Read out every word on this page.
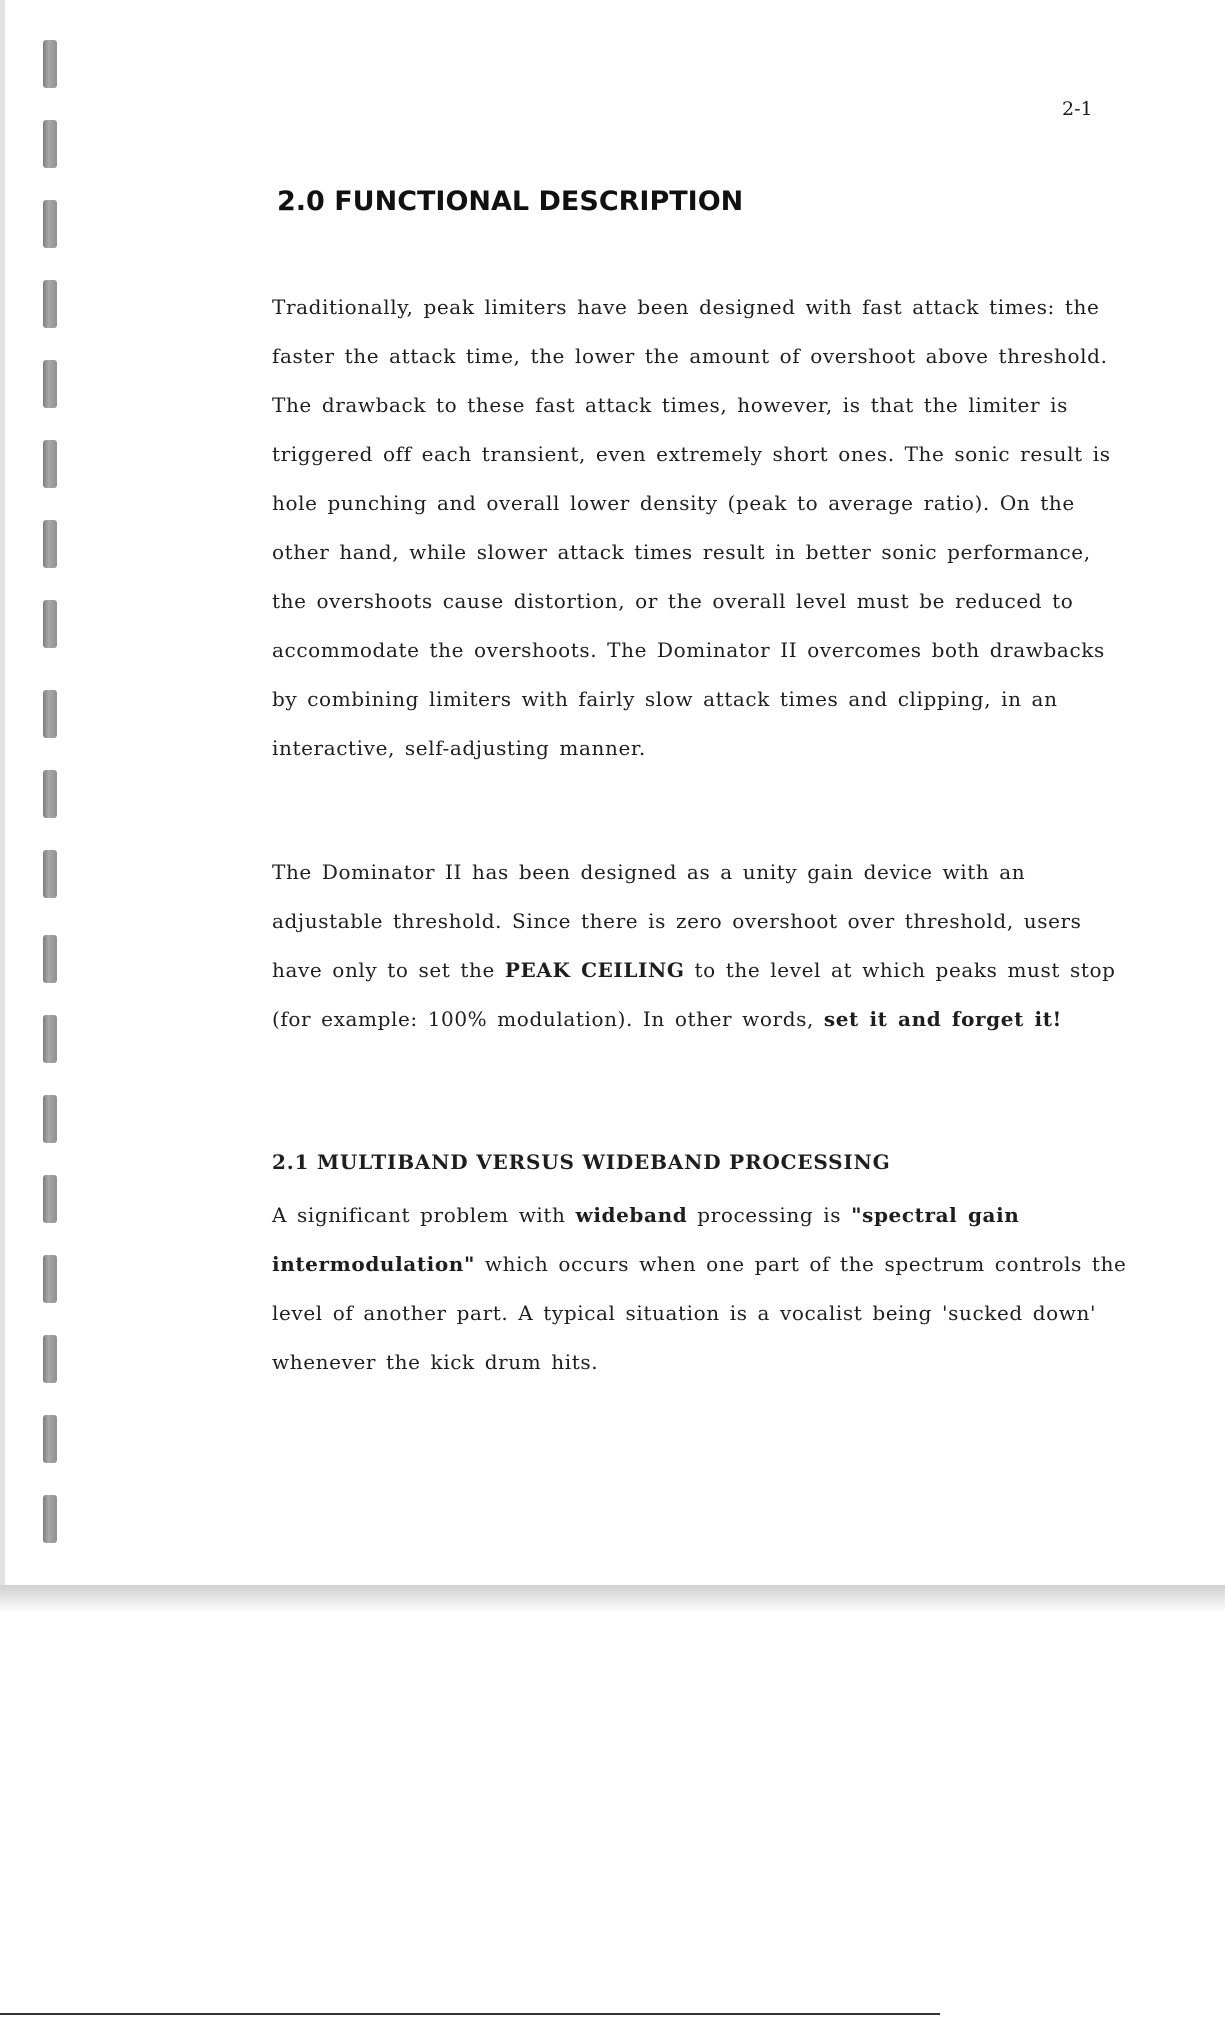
2-1
2.0 FUNCTIONAL DESCRIPTION

Traditionally, peak limiters have been designed with fast attack times: the faster the attack time, the lower the amount of overshoot above threshold. The drawback to these fast attack times, however, is that the limiter is triggered off each transient, even extremely short ones. The sonic result is hole punching and overall lower density (peak to average ratio). On the other hand, while slower attack times result in better sonic performance, the overshoots cause distortion, or the overall level must be reduced to accommodate the overshoots. The Dominator II overcomes both drawbacks by combining limiters with fairly slow attack times and clipping, in an interactive, self-adjusting manner.

The Dominator II has been designed as a unity gain device with an adjustable threshold. Since there is zero overshoot over threshold, users have only to set the PEAK CEILING to the level at which peaks must stop (for example: 100% modulation). In other words, set it and forget it!

2.1 MULTIBAND VERSUS WIDEBAND PROCESSING

A significant problem with wideband processing is "spectral gain intermodulation" which occurs when one part of the spectrum controls the level of another part. A typical situation is a vocalist being 'sucked down' whenever the kick drum hits.
